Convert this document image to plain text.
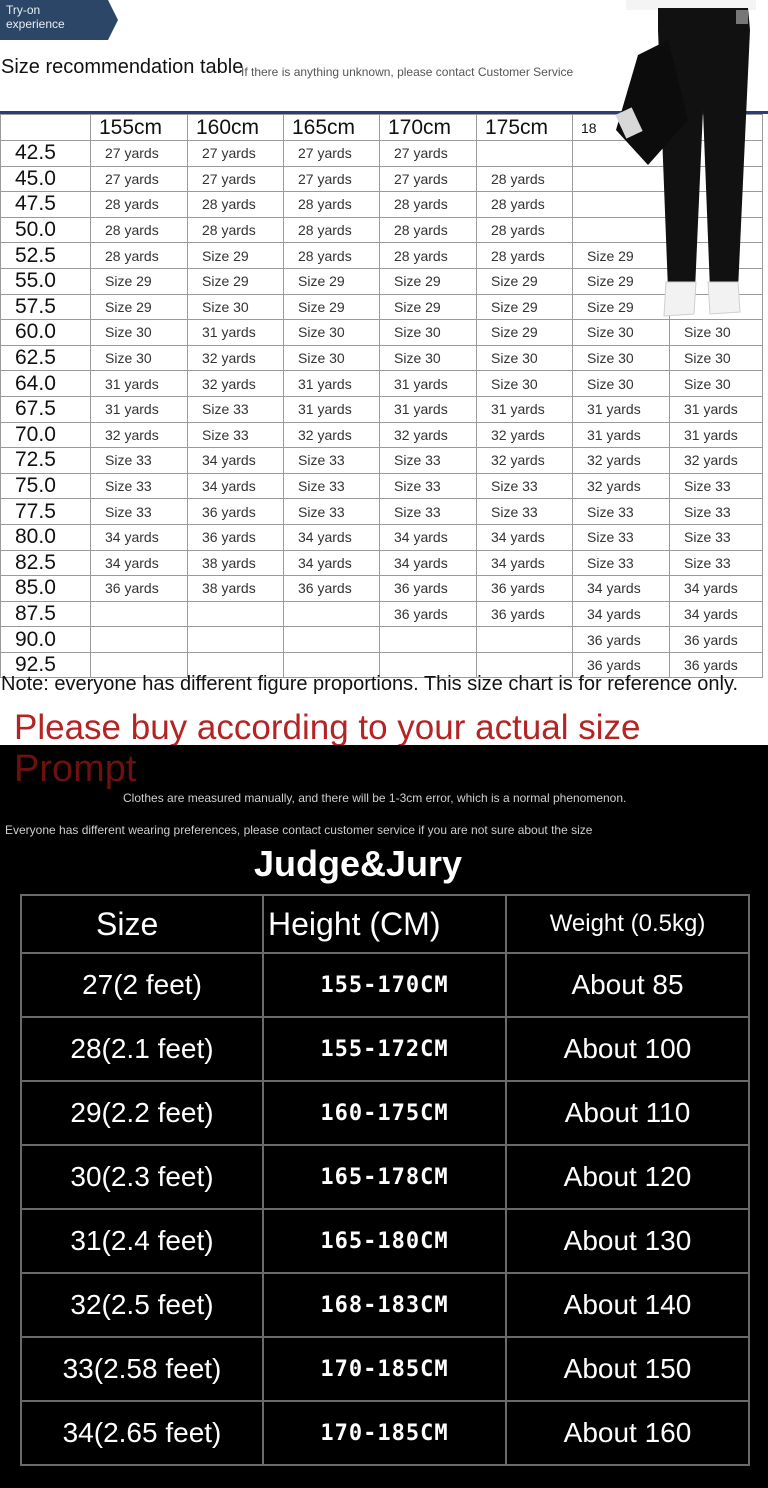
Try-on
experience
Size recommendation table
If there is anything unknown, please contact Customer Service
	155cm	160cm	165cm	170cm	175cm	18	
42.5	27 yards	27 yards	27 yards	27 yards			
45.0	27 yards	27 yards	27 yards	27 yards	28 yards		
47.5	28 yards	28 yards	28 yards	28 yards	28 yards		
50.0	28 yards	28 yards	28 yards	28 yards	28 yards		
52.5	28 yards	Size 29	28 yards	28 yards	28 yards	Size 29	
55.0	Size 29	Size 29	Size 29	Size 29	Size 29	Size 29	
57.5	Size 29	Size 30	Size 29	Size 29	Size 29	Size 29	
60.0	Size 30	31 yards	Size 30	Size 30	Size 29	Size 30	Size 30
62.5	Size 30	32 yards	Size 30	Size 30	Size 30	Size 30	Size 30
64.0	31 yards	32 yards	31 yards	31 yards	Size 30	Size 30	Size 30
67.5	31 yards	Size 33	31 yards	31 yards	31 yards	31 yards	31 yards
70.0	32 yards	Size 33	32 yards	32 yards	32 yards	31 yards	31 yards
72.5	Size 33	34 yards	Size 33	Size 33	32 yards	32 yards	32 yards
75.0	Size 33	34 yards	Size 33	Size 33	Size 33	32 yards	Size 33
77.5	Size 33	36 yards	Size 33	Size 33	Size 33	Size 33	Size 33
80.0	34 yards	36 yards	34 yards	34 yards	34 yards	Size 33	Size 33
82.5	34 yards	38 yards	34 yards	34 yards	34 yards	Size 33	Size 33
85.0	36 yards	38 yards	36 yards	36 yards	36 yards	34 yards	34 yards
87.5				36 yards	36 yards	34 yards	34 yards
90.0						36 yards	36 yards
92.5						36 yards	36 yards
Note: everyone has different figure proportions. This size chart is for reference only.
Please buy according to your actual size
Prompt
Clothes are measured manually, and there will be 1-3cm error, which is a normal phenomenon.
Everyone has different wearing preferences, please contact customer service if you are not sure about the size
Judge&Jury
Size	Height (CM)	Weight (0.5kg)
27(2 feet)	155-170CM	About 85
28(2.1 feet)	155-172CM	About 100
29(2.2 feet)	160-175CM	About 110
30(2.3 feet)	165-178CM	About 120
31(2.4 feet)	165-180CM	About 130
32(2.5 feet)	168-183CM	About 140
33(2.58 feet)	170-185CM	About 150
34(2.65 feet)	170-185CM	About 160
